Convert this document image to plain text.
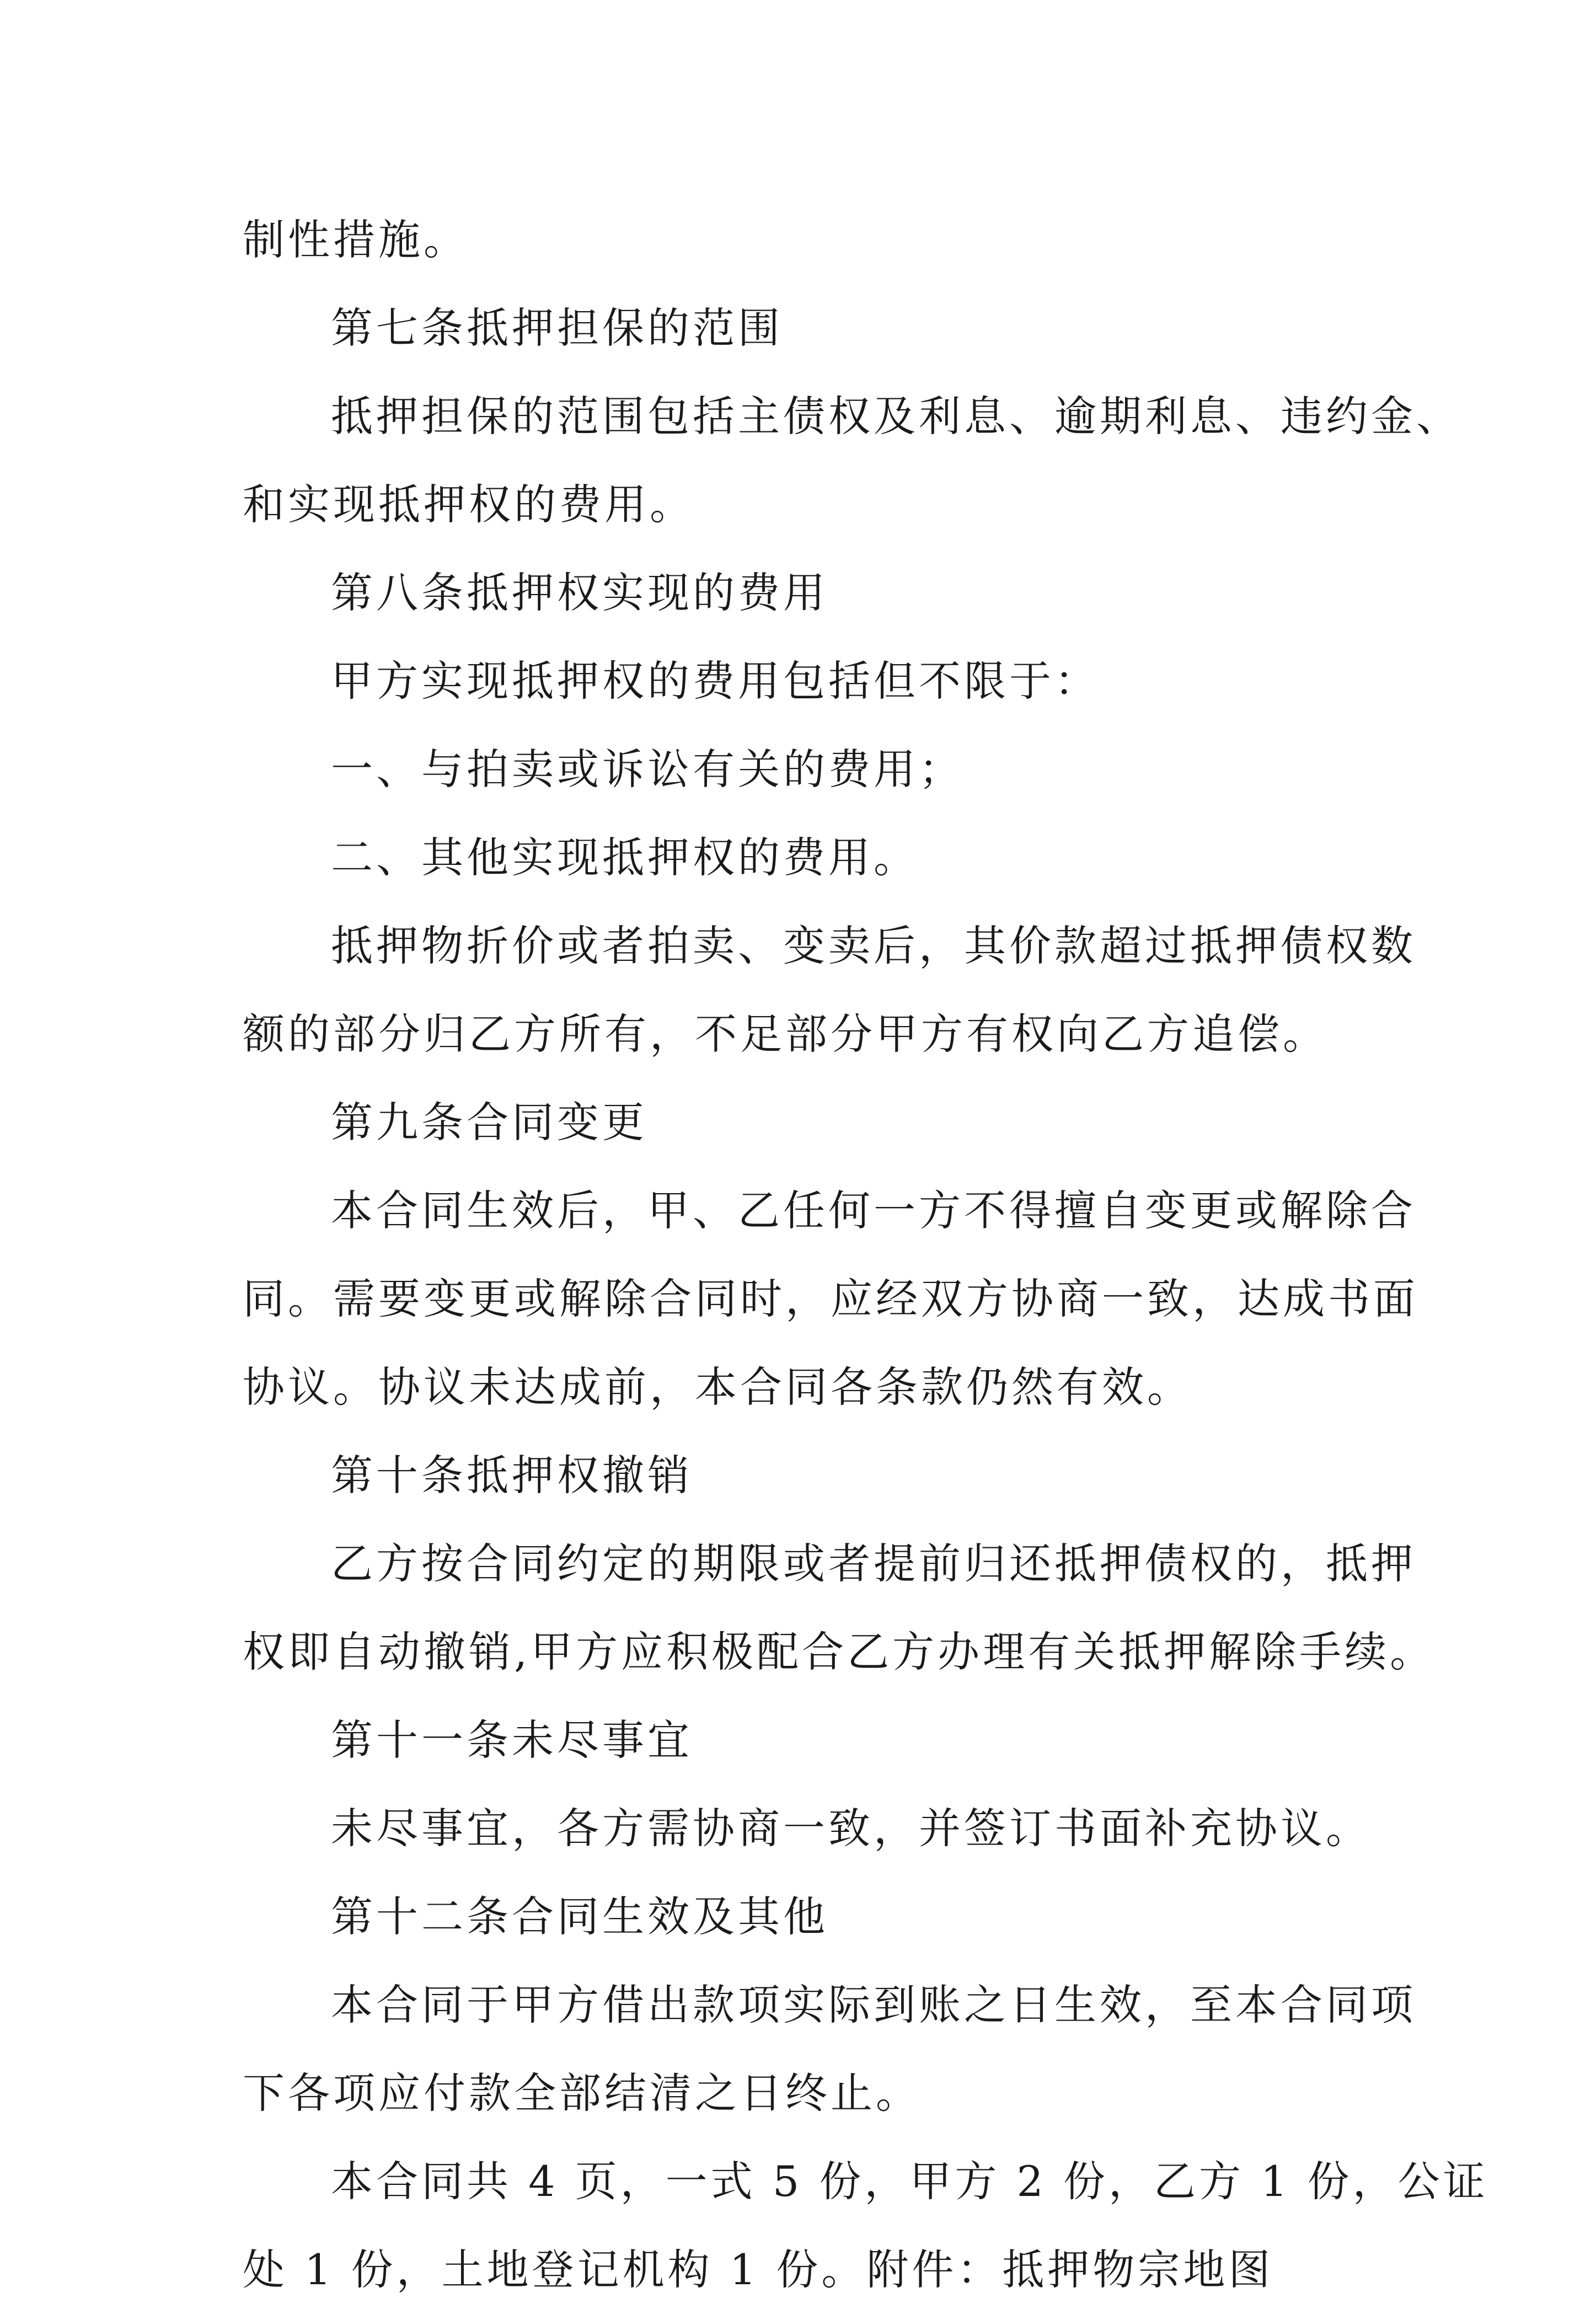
制性措施。
第七条抵押担保的范围
抵押担保的范围包括主债权及利息、逾期利息、违约金、
和实现抵押权的费用。
第八条抵押权实现的费用
甲方实现抵押权的费用包括但不限于：
一、与拍卖或诉讼有关的费用；
二、其他实现抵押权的费用。
抵押物折价或者拍卖、变卖后，其价款超过抵押债权数
额的部分归乙方所有，不足部分甲方有权向乙方追偿。
第九条合同变更
本合同生效后，甲、乙任何一方不得擅自变更或解除合
同。需要变更或解除合同时，应经双方协商一致，达成书面
协议。协议未达成前，本合同各条款仍然有效。
第十条抵押权撤销
乙方按合同约定的期限或者提前归还抵押债权的，抵押
权即自动撤销,甲方应积极配合乙方办理有关抵押解除手续。
第十一条未尽事宜
未尽事宜，各方需协商一致，并签订书面补充协议。
第十二条合同生效及其他
本合同于甲方借出款项实际到账之日生效，至本合同项
下各项应付款全部结清之日终止。
本合同共 4 页，一式 5 份，甲方 2 份，乙方 1 份，公证
处 1 份，土地登记机构 1 份。附件：抵押物宗地图
